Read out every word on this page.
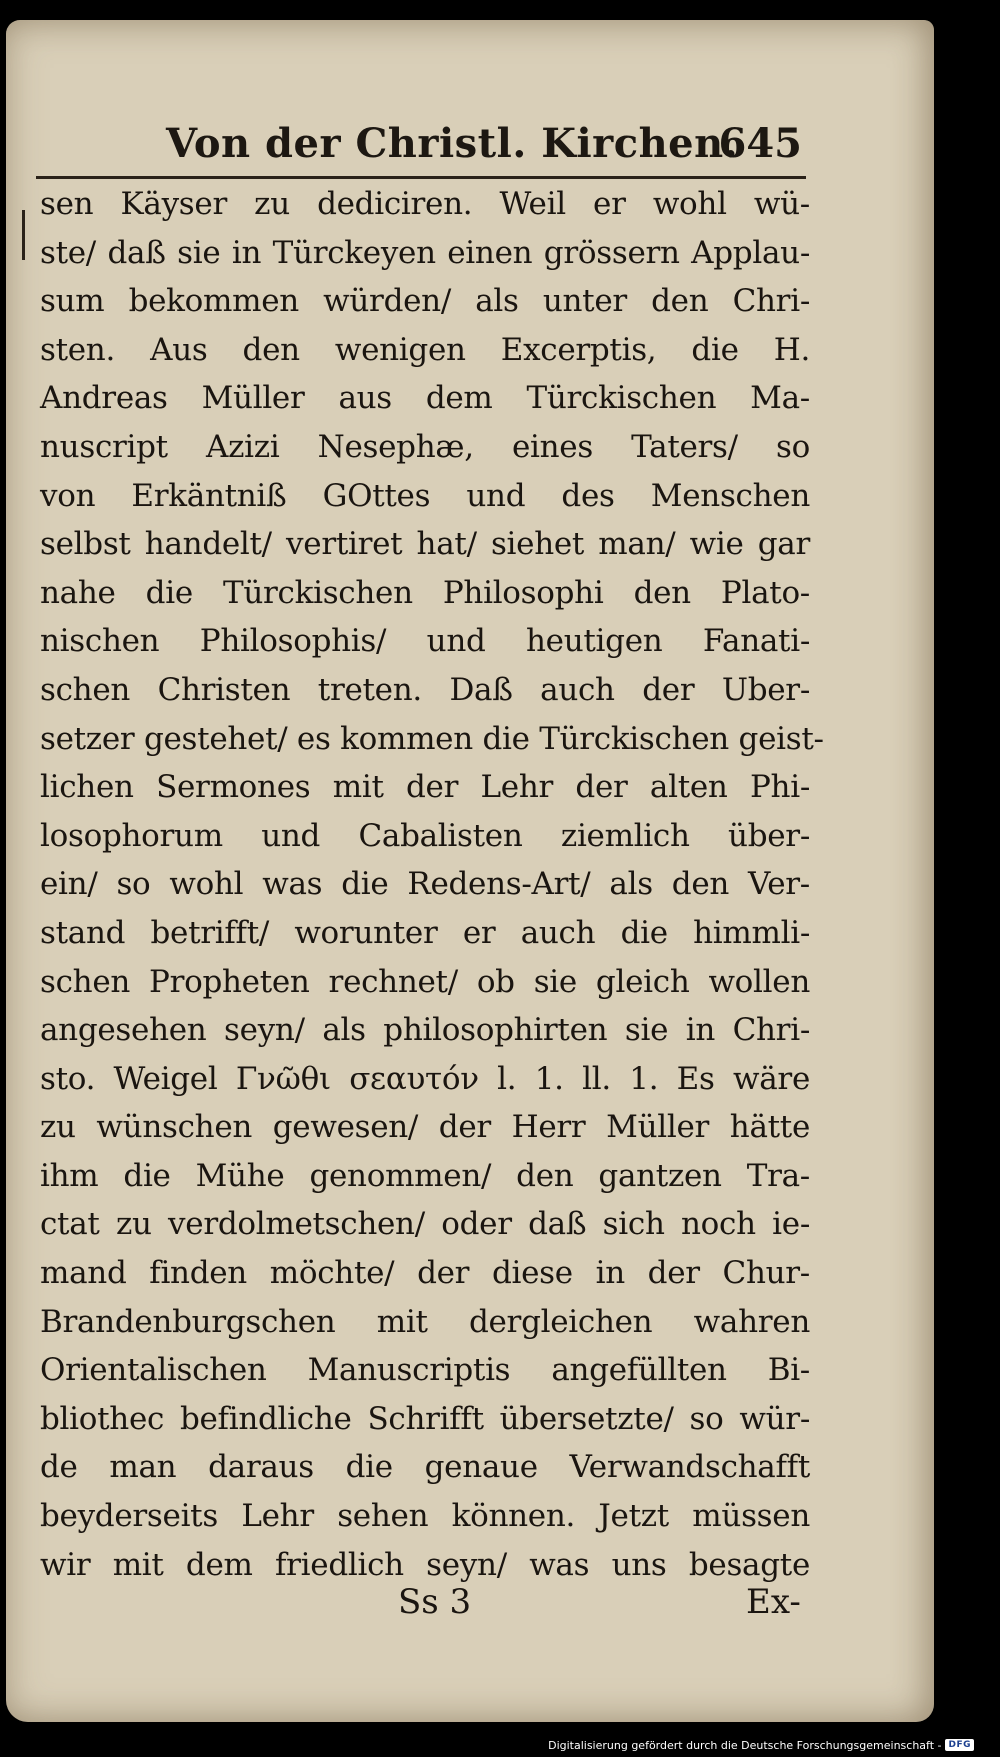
Von der Christl. Kirchen.
645
sen Käyser zu dediciren. Weil er wohl wü-
ste/ daß sie in Türckeyen einen grössern Applau-
sum bekommen würden/ als unter den Chri-
sten. Aus den wenigen Excerptis, die H.
Andreas Müller aus dem Türckischen Ma-
nuscript Azizi Nesephæ, eines Taters/ so
von Erkäntniß GOttes und des Menschen
selbst handelt/ vertiret hat/ siehet man/ wie gar
nahe die Türckischen Philosophi den Plato-
nischen Philosophis/ und heutigen Fanati-
schen Christen treten. Daß auch der Uber-
setzer gestehet/ es kommen die Türckischen geist-
lichen Sermones mit der Lehr der alten Phi-
losophorum und Cabalisten ziemlich über-
ein/ so wohl was die Redens-Art/ als den Ver-
stand betrifft/ worunter er auch die himmli-
schen Propheten rechnet/ ob sie gleich wollen
angesehen seyn/ als philosophirten sie in Chri-
sto. Weigel Γνῶθι σεαυτόν l. 1. ll. 1. Es wäre
zu wünschen gewesen/ der Herr Müller hätte
ihm die Mühe genommen/ den gantzen Tra-
ctat zu verdolmetschen/ oder daß sich noch ie-
mand finden möchte/ der diese in der Chur-
Brandenburgschen mit dergleichen wahren
Orientalischen Manuscriptis angefüllten Bi-
bliothec befindliche Schrifft übersetzte/ so wür-
de man daraus die genaue Verwandschafft
beyderseits Lehr sehen können. Jetzt müssen
wir mit dem friedlich seyn/ was uns besagte
Ss 3	Ex-
Digitalisierung gefördert durch die Deutsche Forschungsgemeinschaft - DFG
